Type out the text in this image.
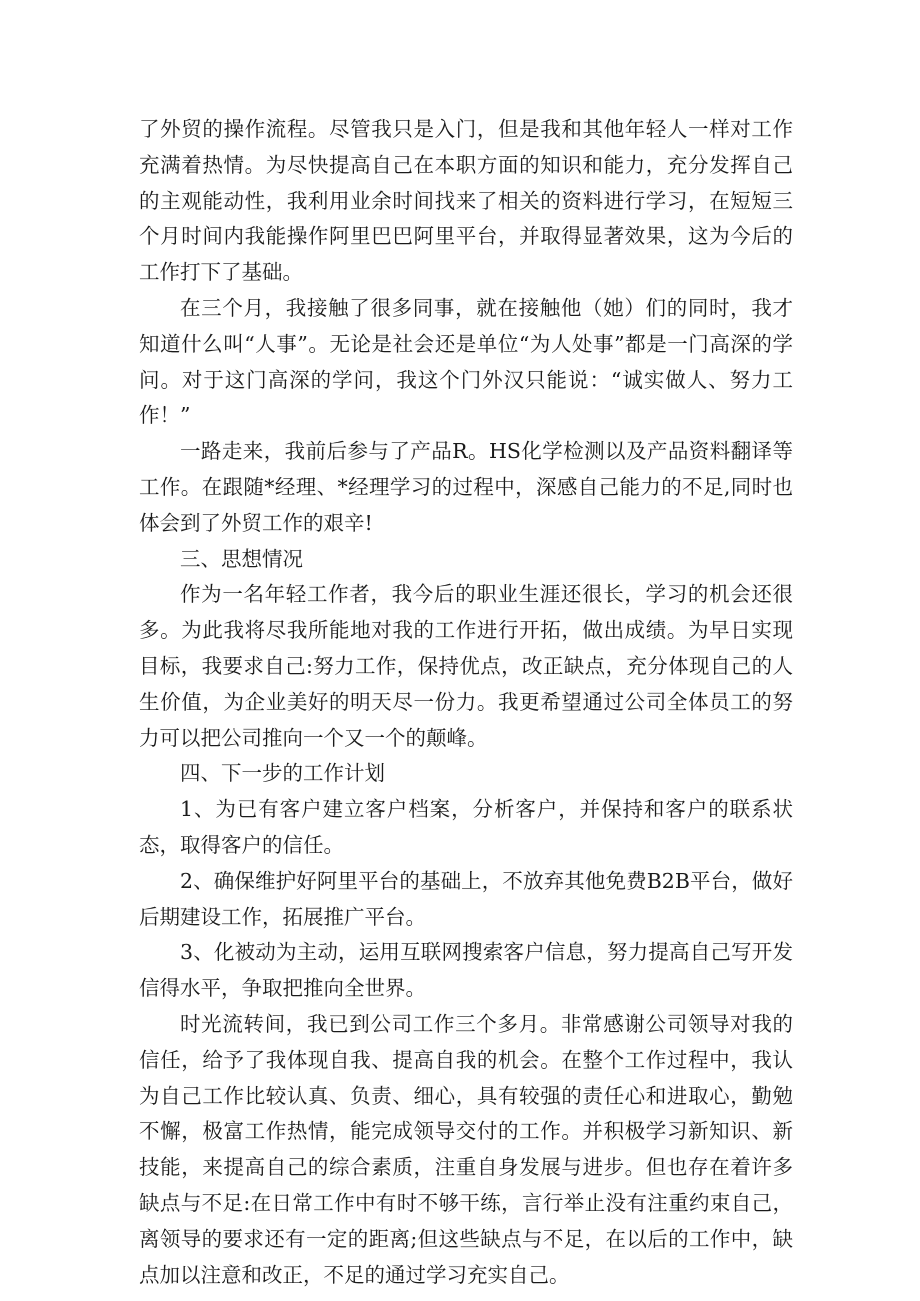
了外贸的操作流程。尽管我只是入门，但是我和其他年轻人一样对工作充满着热情。为尽快提高自己在本职方面的知识和能力，充分发挥自己的主观能动性，我利用业余时间找来了相关的资料进行学习，在短短三个月时间内我能操作阿里巴巴阿里平台，并取得显著效果，这为今后的工作打下了基础。

在三个月，我接触了很多同事，就在接触他（她）们的同时，我才知道什么叫“人事”。无论是社会还是单位“为人处事”都是一门高深的学问。对于这门高深的学问，我这个门外汉只能说：“诚实做人、努力工作！”

一路走来，我前后参与了产品R。HS化学检测以及产品资料翻译等工作。在跟随*经理、*经理学习的过程中，深感自己能力的不足,同时也体会到了外贸工作的艰辛!

三、思想情况

作为一名年轻工作者，我今后的职业生涯还很长，学习的机会还很多。为此我将尽我所能地对我的工作进行开拓，做出成绩。为早日实现目标，我要求自己:努力工作，保持优点，改正缺点，充分体现自己的人生价值，为企业美好的明天尽一份力。我更希望通过公司全体员工的努力可以把公司推向一个又一个的颠峰。

四、下一步的工作计划

1、为已有客户建立客户档案，分析客户，并保持和客户的联系状态，取得客户的信任。

2、确保维护好阿里平台的基础上，不放弃其他免费B2B平台，做好后期建设工作，拓展推广平台。

3、化被动为主动，运用互联网搜索客户信息，努力提高自己写开发信得水平，争取把推向全世界。

时光流转间，我已到公司工作三个多月。非常感谢公司领导对我的信任，给予了我体现自我、提高自我的机会。在整个工作过程中，我认为自己工作比较认真、负责、细心，具有较强的责任心和进取心，勤勉不懈，极富工作热情，能完成领导交付的工作。并积极学习新知识、新技能，来提高自己的综合素质，注重自身发展与进步。但也存在着许多缺点与不足:在日常工作中有时不够干练，言行举止没有注重约束自己，离领导的要求还有一定的距离;但这些缺点与不足，在以后的工作中，缺点加以注意和改正，不足的通过学习充实自己。
